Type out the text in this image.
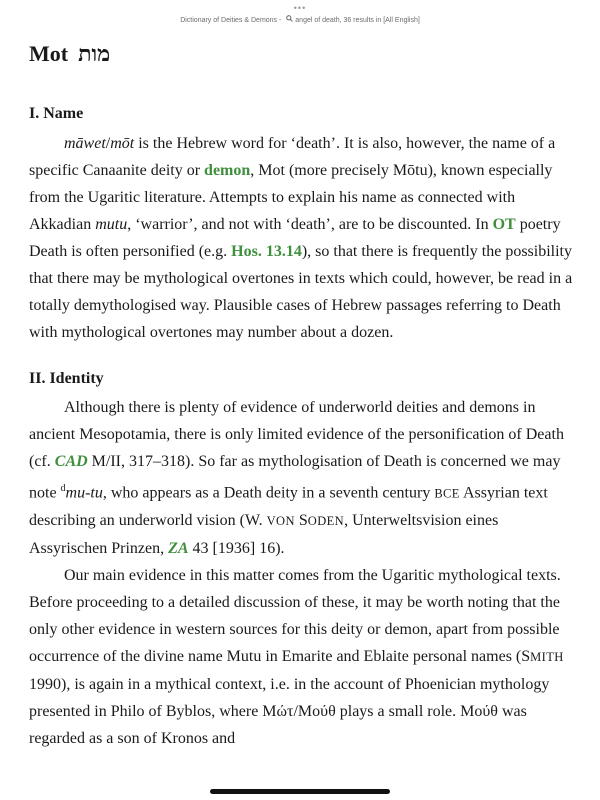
•••
Dictionary of Deities & Demons - angel of death, 36 results in [All English]
Mot מות
I. Name

māwet/mōt is the Hebrew word for ‘death’. It is also, however, the name of a specific Canaanite deity or demon, Mot (more precisely Mōtu), known especially from the Ugaritic literature. Attempts to explain his name as connected with Akkadian mutu, ‘warrior’, and not with ‘death’, are to be discounted. In OT poetry Death is often personified (e.g. Hos. 13.14), so that there is frequently the possibility that there may be mythological overtones in texts which could, however, be read in a totally demythologised way. Plausible cases of Hebrew passages referring to Death with mythological overtones may number about a dozen.

II. Identity

Although there is plenty of evidence of underworld deities and demons in ancient Mesopotamia, there is only limited evidence of the personification of Death (cf. CAD M/II, 317–318). So far as mythologisation of Death is concerned we may note $^d$mu-tu, who appears as a Death deity in a seventh century BCE Assyrian text describing an underworld vision (W. VON SODEN, Unterweltsvision eines Assyrischen Prinzen, ZA 43 [1936] 16).

Our main evidence in this matter comes from the Ugaritic mythological texts. Before proceeding to a detailed discussion of these, it may be worth noting that the only other evidence in western sources for this deity or demon, apart from possible occurrence of the divine name Mutu in Emarite and Eblaite personal names (SMITH 1990), is again in a mythical context, i.e. in the account of Phoenician mythology presented in Philo of Byblos, where Μώτ/Μούθ plays a small role. Μούθ was regarded as a son of Kronos and
